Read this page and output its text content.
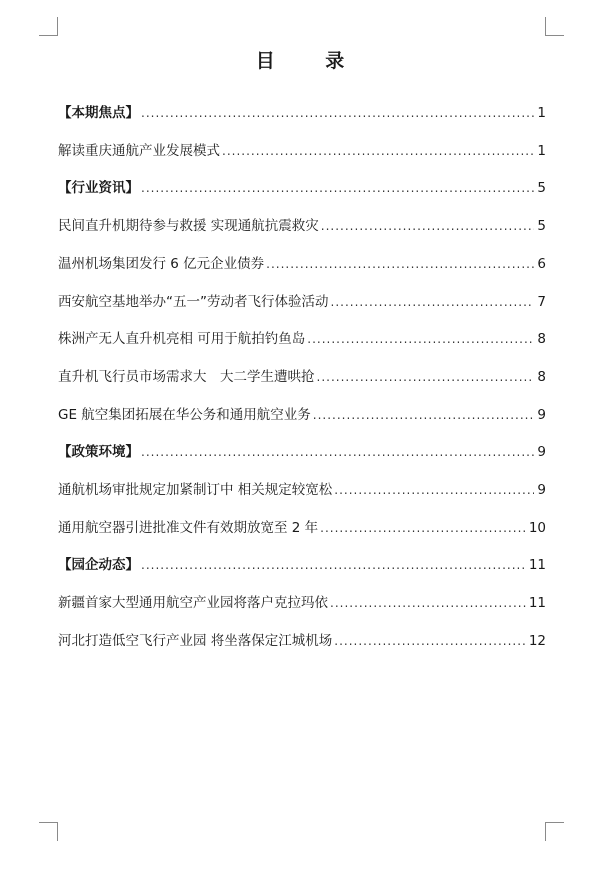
目 录
【本期焦点】 .....	1
解读重庆通航产业发展模式 .....	1
【行业资讯】 .....	5
民间直升机期待参与救援 实现通航抗震救灾 .....	5
温州机场集团发行 6 亿元企业债券 .....	6
西安航空基地举办“五一”劳动者飞行体验活动 .....	7
株洲产无人直升机亮相 可用于航拍钓鱼岛 .....	8
直升机飞行员市场需求大　大二学生遭哄抢 .....	8
GE 航空集团拓展在华公务和通用航空业务 .....	9
【政策环境】 .....	9
通航机场审批规定加紧制订中 相关规定较宽松 .....	9
通用航空器引进批准文件有效期放宽至 2 年 .....	10
【园企动态】 .....	11
新疆首家大型通用航空产业园将落户克拉玛依 .....	11
河北打造低空飞行产业园 将坐落保定江城机场 .....	12
